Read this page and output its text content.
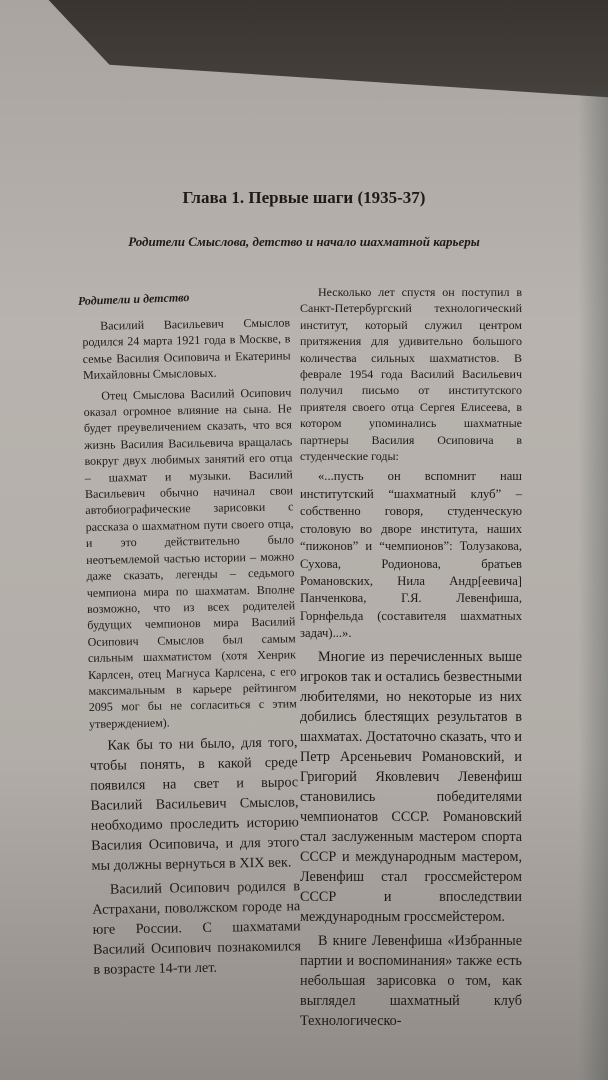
Глава 1. Первые шаги (1935-37)
Родители Смыслова, детство и начало шахматной карьеры
Родители и детство

Василий Васильевич Смыслов родился 24 марта 1921 года в Москве, в семье Василия Осиповича и Екатерины Михайловны Смысловых.

Отец Смыслова Василий Осипович оказал огромное влияние на сына. Не будет преувеличением сказать, что вся жизнь Василия Васильевича вращалась вокруг двух любимых занятий его отца – шахмат и музыки. Василий Васильевич обычно начинал свои автобиографические зарисовки с рассказа о шахматном пути своего отца, и это действительно было неотъемлемой частью истории – можно даже сказать, легенды – седьмого чемпиона мира по шахматам. Вполне возможно, что из всех родителей будущих чемпионов мира Василий Осипович Смыслов был самым сильным шахматистом (хотя Хенрик Карлсен, отец Магнуса Карлсена, с его максимальным в карьере рейтингом 2095 мог бы не согласиться с этим утверждением).

Как бы то ни было, для того, чтобы понять, в какой среде появился на свет и вырос Василий Васильевич Смыслов, необходимо проследить историю Василия Осиповича, и для этого мы должны вернуться в XIX век.

Василий Осипович родился в Астрахани, поволжском городе на юге России. С шахматами Василий Осипович познакомился в возрасте 14-ти лет.

Несколько лет спустя он поступил в Санкт-Петербургский технологический институт, который служил центром притяжения для удивительно большого количества сильных шахматистов. В феврале 1954 года Василий Васильевич получил письмо от институтского приятеля своего отца Сергея Елисеева, в котором упоминались шахматные партнеры Василия Осиповича в студенческие годы:

«...пусть он вспомнит наш институтский “шахматный клуб” – собственно говоря, студенческую столовую во дворе института, наших “пижонов” и “чемпионов”: Толузакова, Сухова, Родионова, братьев Романовских, Нила Андр[еевича] Панченкова, Г.Я. Левенфиша, Горнфельда (составителя шахматных задач)...».

Многие из перечисленных выше игроков так и остались безвестными любителями, но некоторые из них добились блестящих результатов в шахматах. Достаточно сказать, что и Петр Арсеньевич Романовский, и Григорий Яковлевич Левенфиш становились победителями чемпионатов СССР. Романовский стал заслуженным мастером спорта СССР и международным мастером, Левенфиш стал гроссмейстером СССР и впоследствии международным гроссмейстером.

В книге Левенфиша «Избранные партии и воспоминания» также есть небольшая зарисовка о том, как выглядел шахматный клуб Технологическо-
